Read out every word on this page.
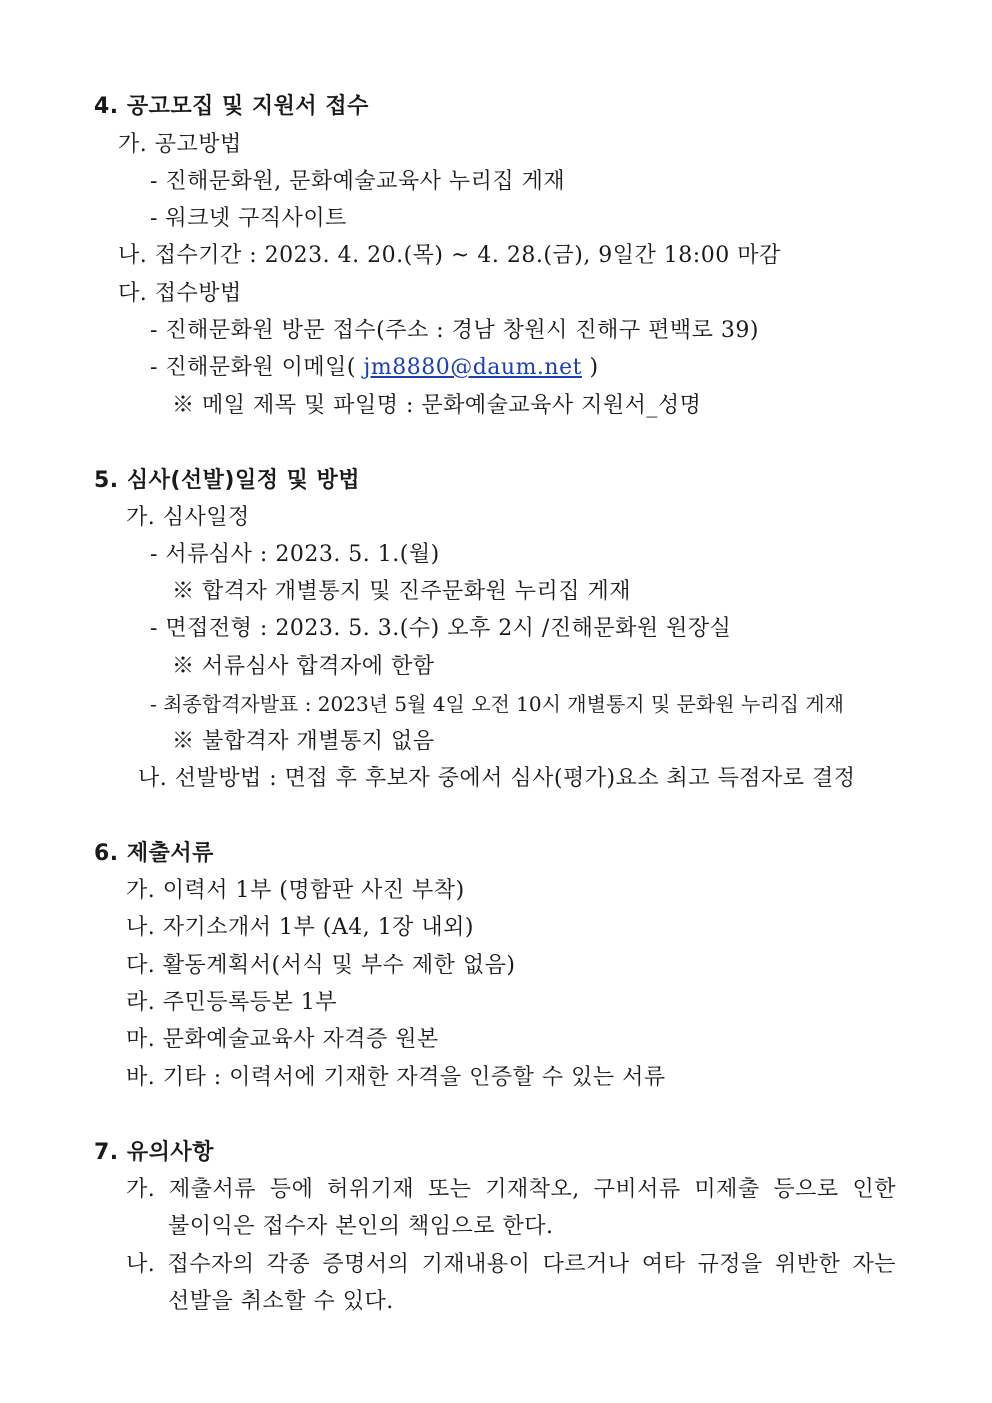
4. 공고모집 및 지원서 접수
가. 공고방법
- 진해문화원, 문화예술교육사 누리집 게재
- 워크넷 구직사이트
나. 접수기간 : 2023. 4. 20.(목) ~ 4. 28.(금), 9일간 18:00 마감
다. 접수방법
- 진해문화원 방문 접수(주소 : 경남 창원시 진해구 편백로 39)
- 진해문화원 이메일( jm8880@daum.net )
※ 메일 제목 및 파일명 : 문화예술교육사 지원서_성명
5. 심사(선발)일정 및 방법
가. 심사일정
- 서류심사 : 2023. 5. 1.(월)
※ 합격자 개별통지 및 진주문화원 누리집 게재
- 면접전형 : 2023. 5. 3.(수) 오후 2시 /진해문화원 원장실
※ 서류심사 합격자에 한함
- 최종합격자발표 : 2023년 5월 4일 오전 10시 개별통지 및 문화원 누리집 게재
※ 불합격자 개별통지 없음
나. 선발방법 : 면접 후 후보자 중에서 심사(평가)요소 최고 득점자로 결정
6. 제출서류
가. 이력서 1부 (명함판 사진 부착)
나. 자기소개서 1부 (A4, 1장 내외)
다. 활동계획서(서식 및 부수 제한 없음)
라. 주민등록등본 1부
마. 문화예술교육사 자격증 원본
바. 기타 : 이력서에 기재한 자격을 인증할 수 있는 서류
7. 유의사항
가. 제출서류 등에 허위기재 또는 기재착오, 구비서류 미제출 등으로 인한
불이익은 접수자 본인의 책임으로 한다.
나. 접수자의 각종 증명서의 기재내용이 다르거나 여타 규정을 위반한 자는
선발을 취소할 수 있다.
